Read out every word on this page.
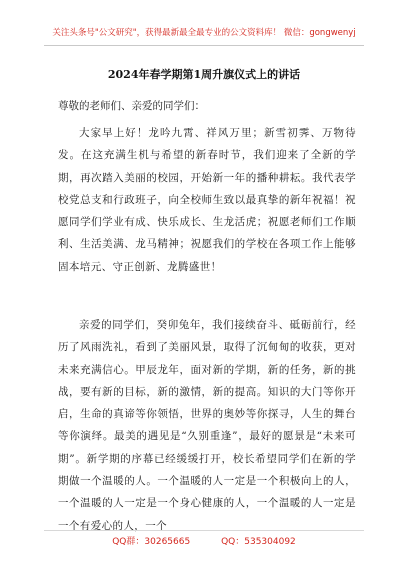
关注头条号"公文研究"，获得最新最全最专业的公文资料库！ 微信：gongwenyj
2024年春学期第1周升旗仪式上的讲话
尊敬的老师们、亲爱的同学们：
大家早上好！龙吟九霄、祥风万里；新雪初霁、万物待发。在这充满生机与希望的新春时节，我们迎来了全新的学期，再次踏入美丽的校园，开始新一年的播种耕耘。我代表学校党总支和行政班子，向全校师生致以最真挚的新年祝福！祝愿同学们学业有成、快乐成长、生龙活虎；祝愿老师们工作顺利、生活美满、龙马精神；祝愿我们的学校在各项工作上能够固本培元、守正创新、龙腾盛世！
亲爱的同学们，癸卯兔年，我们接续奋斗、砥砺前行，经历了风雨洗礼，看到了美丽风景，取得了沉甸甸的收获，更对未来充满信心。甲辰龙年，面对新的学期，新的任务，新的挑战，要有新的目标，新的激情，新的提高。知识的大门等你开启，生命的真谛等你领悟，世界的奥妙等你探寻，人生的舞台等你演绎。最美的遇见是“久别重逢”，最好的愿景是“未来可期”。新学期的序幕已经缓缓打开，校长希望同学们在新的学期做一个温暖的人。一个温暖的人一定是一个积极向上的人，一个温暖的人一定是一个身心健康的人，一个温暖的人一定是一个有爱心的人，一个
QQ群：30265665	QQ：535304092
